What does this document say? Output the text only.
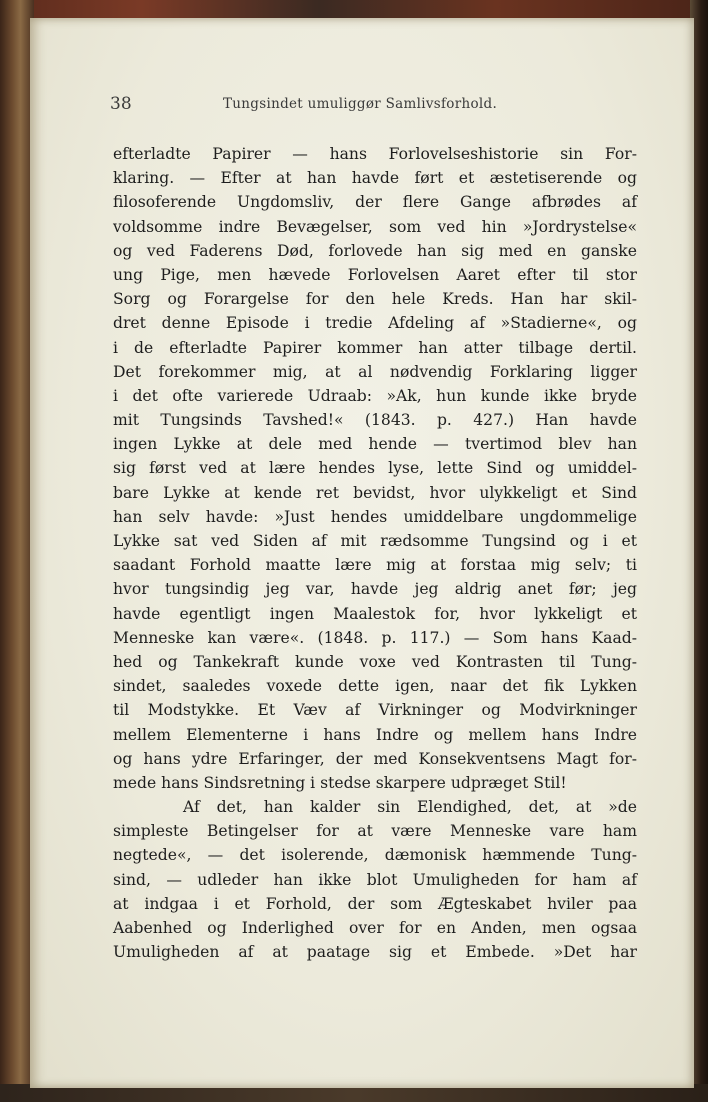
38	Tungsindet umuliggør Samlivsforhold.
efterladte Papirer — hans Forlovelseshistorie sin For-
klaring. — Efter at han havde ført et æstetiserende og
filosoferende Ungdomsliv, der flere Gange afbrødes af
voldsomme indre Bevægelser, som ved hin »Jordrystelse«
og ved Faderens Død, forlovede han sig med en ganske
ung Pige, men hævede Forlovelsen Aaret efter til stor
Sorg og Forargelse for den hele Kreds. Han har skil-
dret denne Episode i tredie Afdeling af »Stadierne«, og
i de efterladte Papirer kommer han atter tilbage dertil.
Det forekommer mig, at al nødvendig Forklaring ligger
i det ofte varierede Udraab: »Ak, hun kunde ikke bryde
mit Tungsinds Tavshed!« (1843. p. 427.) Han havde
ingen Lykke at dele med hende — tvertimod blev han
sig først ved at lære hendes lyse, lette Sind og umiddel-
bare Lykke at kende ret bevidst, hvor ulykkeligt et Sind
han selv havde: »Just hendes umiddelbare ungdommelige
Lykke sat ved Siden af mit rædsomme Tungsind og i et
saadant Forhold maatte lære mig at forstaa mig selv; ti
hvor tungsindig jeg var, havde jeg aldrig anet før; jeg
havde egentligt ingen Maalestok for, hvor lykkeligt et
Menneske kan være«. (1848. p. 117.) — Som hans Kaad-
hed og Tankekraft kunde voxe ved Kontrasten til Tung-
sindet, saaledes voxede dette igen, naar det fik Lykken
til Modstykke. Et Væv af Virkninger og Modvirkninger
mellem Elementerne i hans Indre og mellem hans Indre
og hans ydre Erfaringer, der med Konsekventsens Magt for-
mede hans Sindsretning i stedse skarpere udpræget Stil!
Af det, han kalder sin Elendighed, det, at »de
simpleste Betingelser for at være Menneske vare ham
negtede«, — det isolerende, dæmonisk hæmmende Tung-
sind, — udleder han ikke blot Umuligheden for ham af
at indgaa i et Forhold, der som Ægteskabet hviler paa
Aabenhed og Inderlighed over for en Anden, men ogsaa
Umuligheden af at paatage sig et Embede. »Det har
